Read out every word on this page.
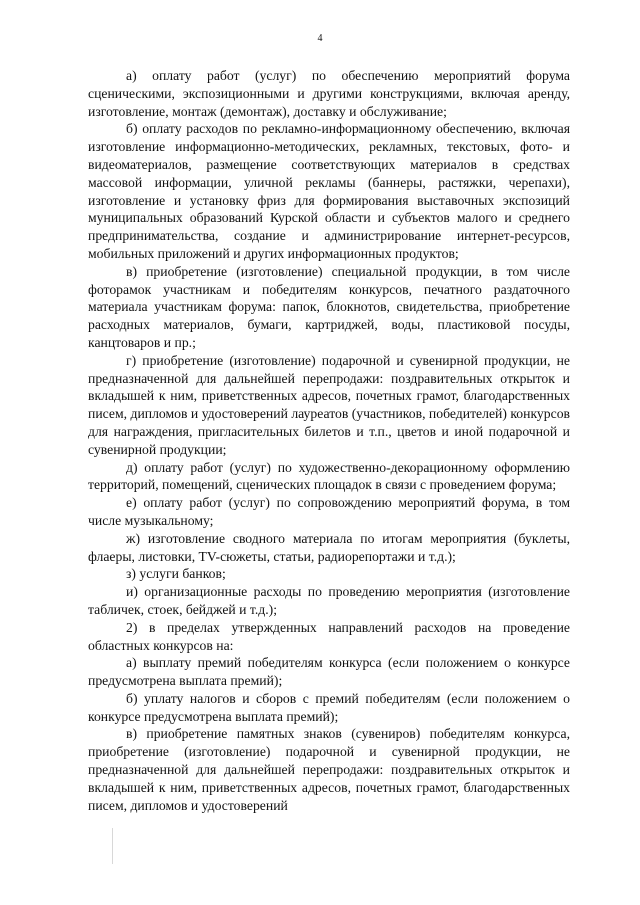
4

а) оплату работ (услуг) по обеспечению мероприятий форума сценическими, экспозиционными и другими конструкциями, включая аренду, изготовление, монтаж (демонтаж), доставку и обслуживание;

б) оплату расходов по рекламно-информационному обеспечению, включая изготовление информационно-методических, рекламных, текстовых, фото- и видеоматериалов, размещение соответствующих материалов в средствах массовой информации, уличной рекламы (баннеры, растяжки, черепахи), изготовление и установку фриз для формирования выставочных экспозиций муниципальных образований Курской области и субъектов малого и среднего предпринимательства, создание и администрирование интернет-ресурсов, мобильных приложений и других информационных продуктов;

в) приобретение (изготовление) специальной продукции, в том числе фоторамок участникам и победителям конкурсов, печатного раздаточного материала участникам форума: папок, блокнотов, свидетельства, приобретение расходных материалов, бумаги, картриджей, воды, пластиковой посуды, канцтоваров и пр.;

г) приобретение (изготовление) подарочной и сувенирной продукции, не предназначенной для дальнейшей перепродажи: поздравительных открыток и вкладышей к ним, приветственных адресов, почетных грамот, благодарственных писем, дипломов и удостоверений лауреатов (участников, победителей) конкурсов для награждения, пригласительных билетов и т.п., цветов и иной подарочной и сувенирной продукции;

д) оплату работ (услуг) по художественно-декорационному оформлению территорий, помещений, сценических площадок в связи с проведением форума;

е) оплату работ (услуг) по сопровождению мероприятий форума, в том числе музыкальному;

ж) изготовление сводного материала по итогам мероприятия (буклеты, флаеры, листовки, TV-сюжеты, статьи, радиорепортажи и т.д.);

з) услуги банков;

и) организационные расходы по проведению мероприятия (изготовление табличек, стоек, бейджей и т.д.);

2) в пределах утвержденных направлений расходов на проведение областных конкурсов на:

а) выплату премий победителям конкурса (если положением о конкурсе предусмотрена выплата премий);

б) уплату налогов и сборов с премий победителям (если положением о конкурсе предусмотрена выплата премий);

в) приобретение памятных знаков (сувениров) победителям конкурса, приобретение (изготовление) подарочной и сувенирной продукции, не предназначенной для дальнейшей перепродажи: поздравительных открыток и вкладышей к ним, приветственных адресов, почетных грамот, благодарственных писем, дипломов и удостоверений
